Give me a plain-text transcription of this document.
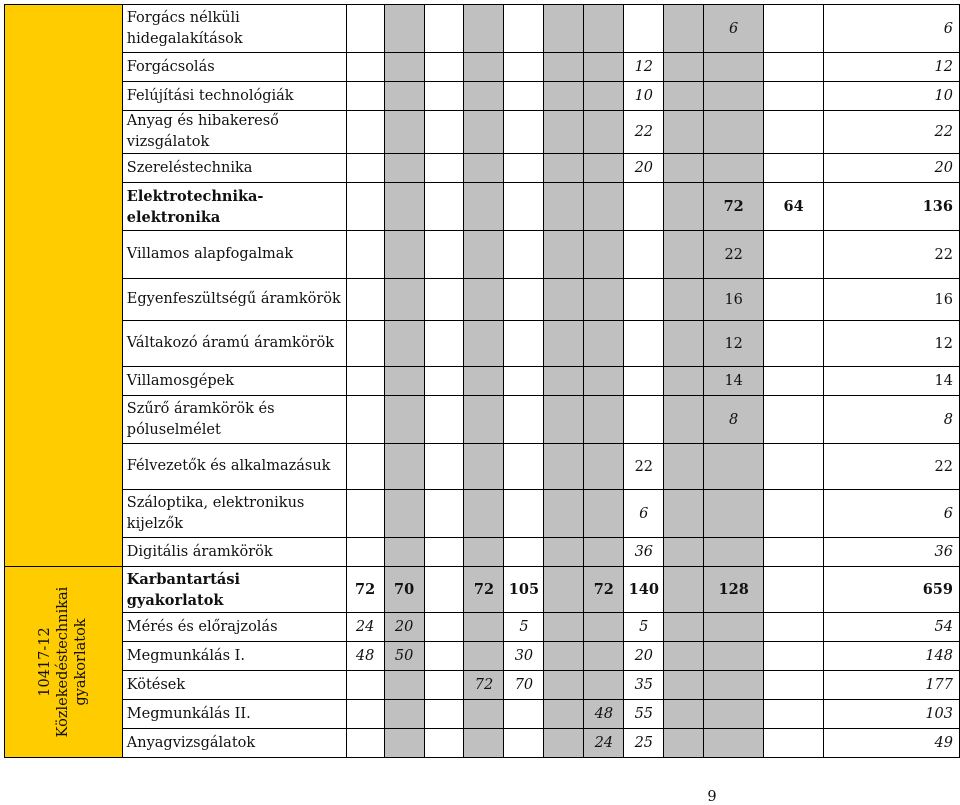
	Forgács nélküli hidegalakítások										6		6
	Forgácsolás								12				12
	Felújítási technológiák								10				10
	Anyag és hibakereső vizsgálatok								22				22
	Szereléstechnika								20				20
	Elektrotechnika-elektronika										72	64	136
	Villamos alapfogalmak										22		22
	Egyenfeszültségű áramkörök										16		16
	Váltakozó áramú áramkörök										12		12
	Villamosgépek										14		14
	Szűrő áramkörök és póluselmélet										8		8
	Félvezetők és alkalmazásuk								22				22
	Száloptika, elektronikus kijelzők								6				6
	Digitális áramkörök								36				36

10417-12 Közlekedéstechnikai gyakorlatok	Karbantartási gyakorlatok	72	70		72	105		72	140		128		659
	Mérés és előrajzolás	24	20			5			5				54
	Megmunkálás I.	48	50			30			20				148
	Kötések				72	70			35				177
	Megmunkálás II.							48	55				103
	Anyagvizsgálatok							24	25				49
9
